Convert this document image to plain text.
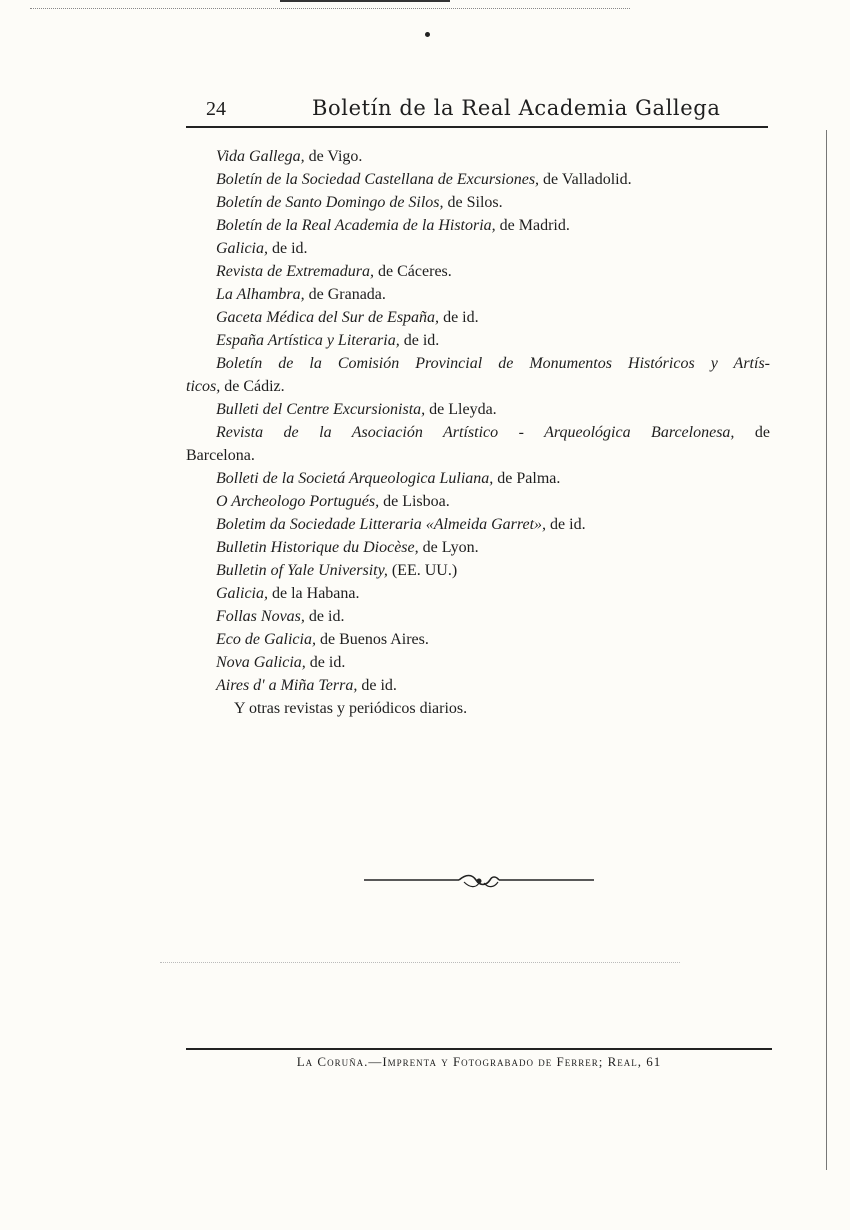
24	Boletín de la Real Academia Gallega
Vida Gallega, de Vigo.
Boletín de la Sociedad Castellana de Excursiones, de Valladolid.
Boletín de Santo Domingo de Silos, de Silos.
Boletín de la Real Academia de la Historia, de Madrid.
Galicia, de id.
Revista de Extremadura, de Cáceres.
La Alhambra, de Granada.
Gaceta Médica del Sur de España, de id.
España Artística y Literaria, de id.
Boletín de la Comisión Provincial de Monumentos Históricos y Artís-
ticos, de Cádiz.
Bulleti del Centre Excursionista, de Lleyda.
Revista de la Asociación Artístico - Arqueológica Barcelonesa, de
Barcelona.
Bolleti de la Societá Arqueologica Luliana, de Palma.
O Archeologo Portugués, de Lisboa.
Boletim da Sociedade Litteraria «Almeida Garret», de id.
Bulletin Historique du Diocèse, de Lyon.
Bulletin of Yale University, (EE. UU.)
Galicia, de la Habana.
Follas Novas, de id.
Eco de Galicia, de Buenos Aires.
Nova Galicia, de id.
Aires d' a Miña Terra, de id.
Y otras revistas y periódicos diarios.
La Coruña.—Imprenta y Fotograbado de Ferrer; Real, 61
